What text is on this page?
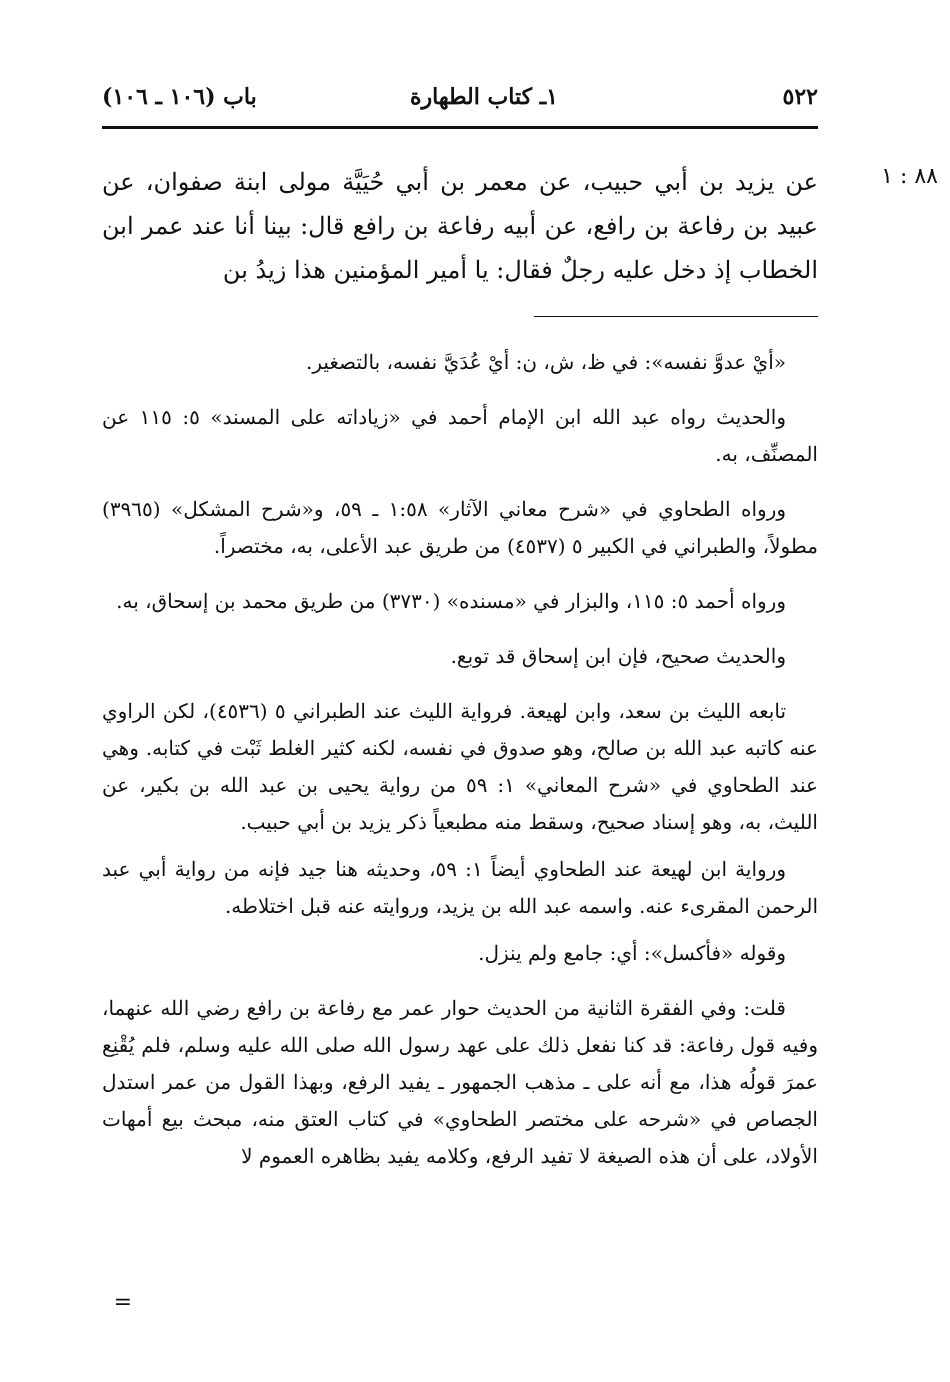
٥٢٢
١ـ كتاب الطهارة
باب (١٠٦ ـ ١٠٦)
٨٨ : ١
عن يزيد بن أبي حبيب، عن معمر بن أبي حُيَيَّة مولى ابنة صفوان، عن عبيد بن رفاعة بن رافع، عن أبيه رفاعة بن رافع قال: بينا أنا عند عمر ابن الخطاب إذ دخل عليه رجلٌ فقال: يا أمير المؤمنين هذا زيدُ بن

«أيْ عدوَّ نفسه»: في ظ، ش، ن: أيْ عُدَيَّ نفسه، بالتصغير.

والحديث رواه عبد الله ابن الإمام أحمد في «زياداته على المسند» ٥: ١١٥ عن المصنِّف، به.

ورواه الطحاوي في «شرح معاني الآثار» ١:٥٨ ـ ٥٩، و«شرح المشكل» (٣٩٦٥) مطولاً، والطبراني في الكبير ٥ (٤٥٣٧) من طريق عبد الأعلى، به، مختصراً.

ورواه أحمد ٥: ١١٥، والبزار في «مسنده» (٣٧٣٠) من طريق محمد بن إسحاق، به.

والحديث صحيح، فإن ابن إسحاق قد توبع.

تابعه الليث بن سعد، وابن لهيعة. فرواية الليث عند الطبراني ٥ (٤٥٣٦)، لكن الراوي عنه كاتبه عبد الله بن صالح، وهو صدوق في نفسه، لكنه كثير الغلط ثَبْت في كتابه. وهي عند الطحاوي في «شرح المعاني» ١: ٥٩ من رواية يحيى بن عبد الله بن بكير، عن الليث، به، وهو إسناد صحيح، وسقط منه مطبعياً ذكر يزيد بن أبي حبيب.

ورواية ابن لهيعة عند الطحاوي أيضاً ١: ٥٩، وحديثه هنا جيد فإنه من رواية أبي عبد الرحمن المقرىء عنه. واسمه عبد الله بن يزيد، وروايته عنه قبل اختلاطه.

وقوله «فأكسل»: أي: جامع ولم ينزل.

قلت: وفي الفقرة الثانية من الحديث حوار عمر مع رفاعة بن رافع رضي الله عنهما، وفيه قول رفاعة: قد كنا نفعل ذلك على عهد رسول الله صلى الله عليه وسلم، فلم يُقْنِع عمرَ قولُه هذا، مع أنه على ـ مذهب الجمهور ـ يفيد الرفع، وبهذا القول من عمر استدل الجصاص في «شرحه على مختصر الطحاوي» في كتاب العتق منه، مبحث بيع أمهات الأولاد، على أن هذه الصيغة لا تفيد الرفع، وكلامه يفيد بظاهره العموم لا

=
